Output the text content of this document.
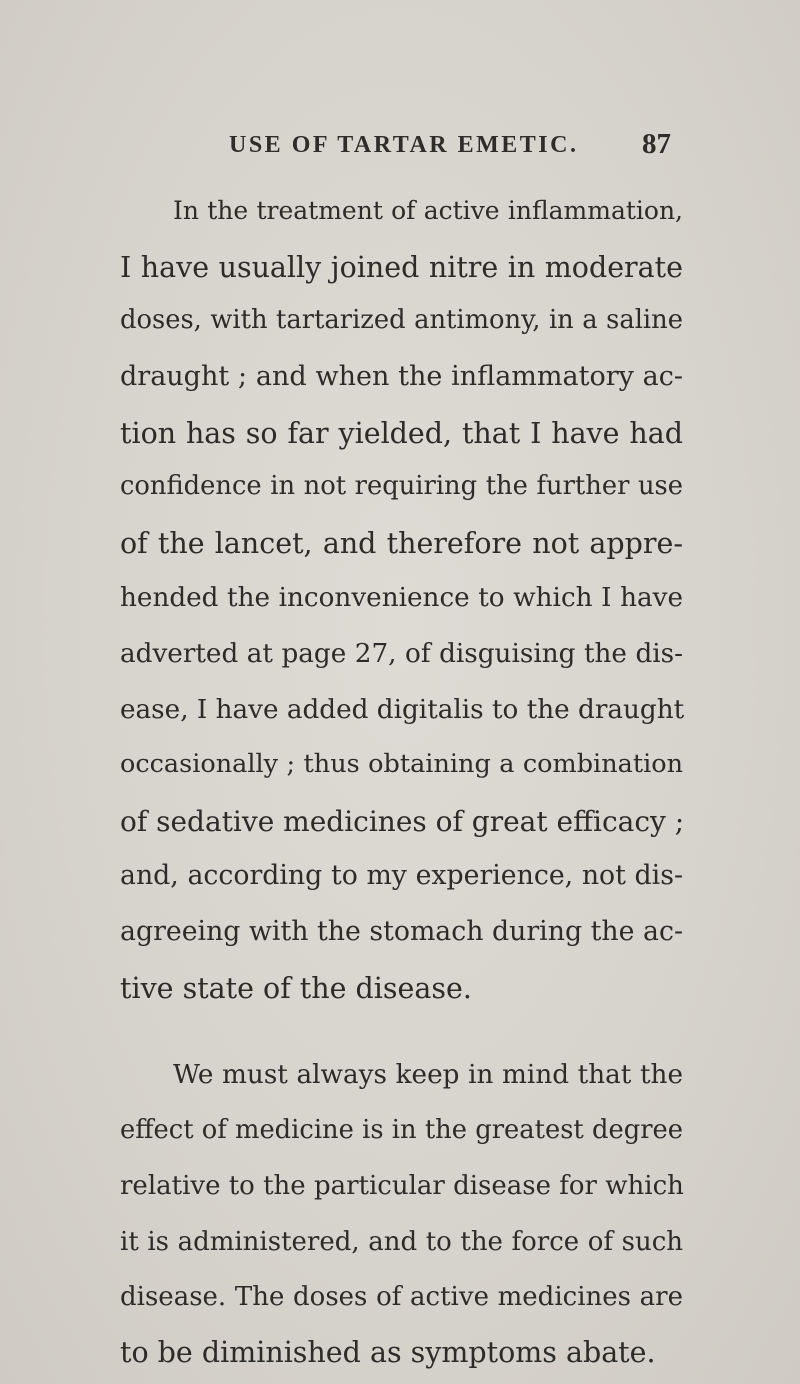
USE OF TARTAR EMETIC. 87
In the treatment of active inflammation,
I have usually joined nitre in moderate
doses, with tartarized antimony, in a saline
draught ; and when the inflammatory ac-
tion has so far yielded, that I have had
confidence in not requiring the further use
of the lancet, and therefore not appre-
hended the inconvenience to which I have
adverted at page 27, of disguising the dis-
ease, I have added digitalis to the draught
occasionally ; thus obtaining a combination
of sedative medicines of great efficacy ;
and, according to my experience, not dis-
agreeing with the stomach during the ac-
tive state of the disease.
We must always keep in mind that the
effect of medicine is in the greatest degree
relative to the particular disease for which
it is administered, and to the force of such
disease. The doses of active medicines are
to be diminished as symptoms abate.
